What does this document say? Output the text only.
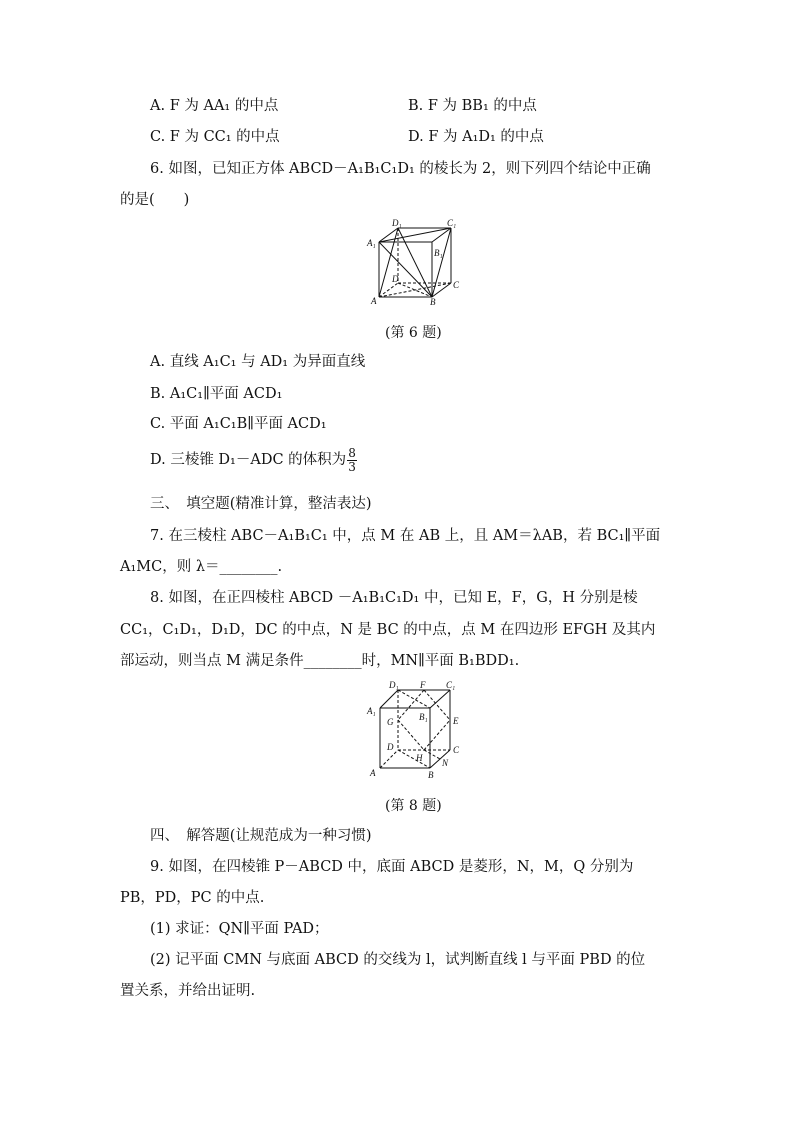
A. F 为 AA₁ 的中点	B. F 为 BB₁ 的中点
C. F 为 CC₁ 的中点	D. F 为 A₁D₁ 的中点
6. 如图，已知正方体 ABCD－A₁B₁C₁D₁ 的棱长为 2，则下列四个结论中正确
的是(　　)
D₁	C₁
A₁
B₁
D
C
A	B
(第 6 题)
A. 直线 A₁C₁ 与 AD₁ 为异面直线
B. A₁C₁∥平面 ACD₁
C. 平面 A₁C₁B∥平面 ACD₁
D. 三棱锥 D₁－ADC 的体积为 $\frac{8}{3}$
三、　填空题(精准计算，整洁表达)
7. 在三棱柱 ABC－A₁B₁C₁ 中，点 M 在 AB 上，且 AM＝λAB，若 BC₁∥平面
A₁MC，则 λ＝________.
8. 如图，在正四棱柱 ABCD －A₁B₁C₁D₁ 中，已知 E，F，G，H 分别是棱
CC₁，C₁D₁，D₁D，DC 的中点，N 是 BC 的中点，点 M 在四边形 EFGH 及其内
部运动，则当点 M 满足条件________时，MN∥平面 B₁BDD₁.
D₁ F C₁
A₁
G	B₁	E
D	C
H N
A	B
(第 8 题)
四、　解答题(让规范成为一种习惯)
9. 如图，在四棱锥 P－ABCD 中，底面 ABCD 是菱形，N，M，Q 分别为
PB，PD，PC 的中点.
(1) 求证：QN∥平面 PAD；
(2) 记平面 CMN 与底面 ABCD 的交线为 l，试判断直线 l 与平面 PBD 的位
置关系，并给出证明.
